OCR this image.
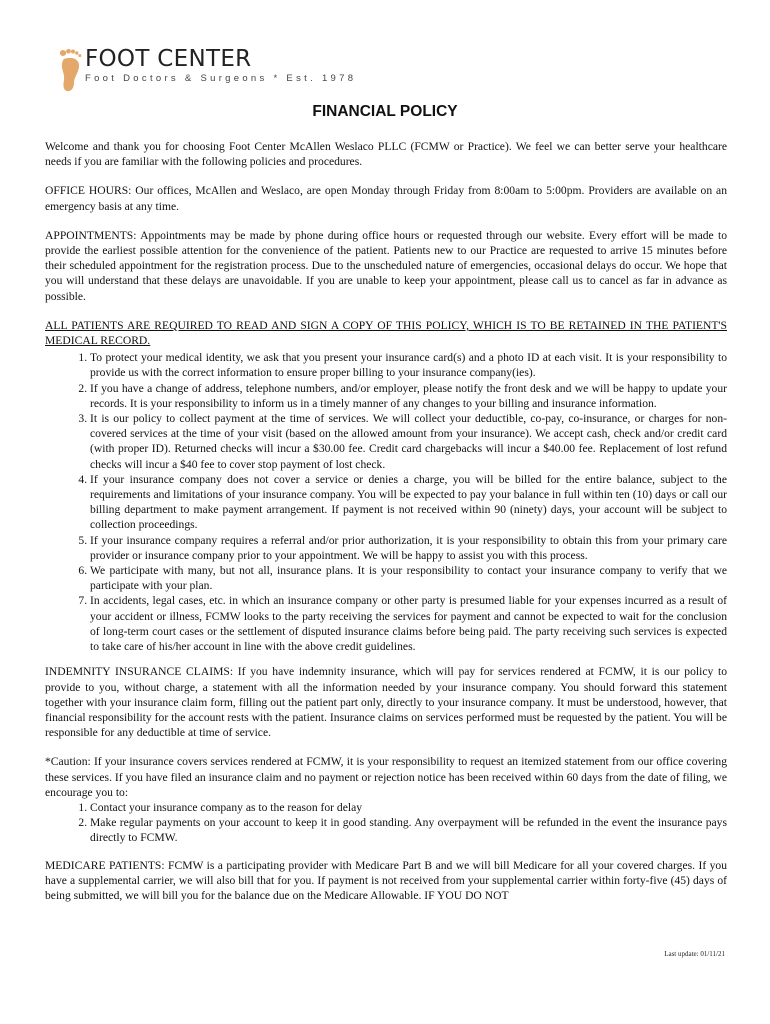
FOOT CENTER
Foot Doctors & Surgeons * Est. 1978
FINANCIAL POLICY

Welcome and thank you for choosing Foot Center McAllen Weslaco PLLC (FCMW or Practice). We feel we can better serve your healthcare needs if you are familiar with the following policies and procedures.

OFFICE HOURS: Our offices, McAllen and Weslaco, are open Monday through Friday from 8:00am to 5:00pm. Providers are available on an emergency basis at any time.

APPOINTMENTS: Appointments may be made by phone during office hours or requested through our website. Every effort will be made to provide the earliest possible attention for the convenience of the patient. Patients new to our Practice are requested to arrive 15 minutes before their scheduled appointment for the registration process. Due to the unscheduled nature of emergencies, occasional delays do occur. We hope that you will understand that these delays are unavoidable. If you are unable to keep your appointment, please call us to cancel as far in advance as possible.

ALL PATIENTS ARE REQUIRED TO READ AND SIGN A COPY OF THIS POLICY, WHICH IS TO BE RETAINED IN THE PATIENT'S MEDICAL RECORD.

1. To protect your medical identity, we ask that you present your insurance card(s) and a photo ID at each visit. It is your responsibility to provide us with the correct information to ensure proper billing to your insurance company(ies).
2. If you have a change of address, telephone numbers, and/or employer, please notify the front desk and we will be happy to update your records. It is your responsibility to inform us in a timely manner of any changes to your billing and insurance information.
3. It is our policy to collect payment at the time of services. We will collect your deductible, co-pay, co-insurance, or charges for non-covered services at the time of your visit (based on the allowed amount from your insurance). We accept cash, check and/or credit card (with proper ID). Returned checks will incur a $30.00 fee. Credit card chargebacks will incur a $40.00 fee. Replacement of lost refund checks will incur a $40 fee to cover stop payment of lost check.
4. If your insurance company does not cover a service or denies a charge, you will be billed for the entire balance, subject to the requirements and limitations of your insurance company. You will be expected to pay your balance in full within ten (10) days or call our billing department to make payment arrangement. If payment is not received within 90 (ninety) days, your account will be subject to collection proceedings.
5. If your insurance company requires a referral and/or prior authorization, it is your responsibility to obtain this from your primary care provider or insurance company prior to your appointment. We will be happy to assist you with this process.
6. We participate with many, but not all, insurance plans. It is your responsibility to contact your insurance company to verify that we participate with your plan.
7. In accidents, legal cases, etc. in which an insurance company or other party is presumed liable for your expenses incurred as a result of your accident or illness, FCMW looks to the party receiving the services for payment and cannot be expected to wait for the conclusion of long-term court cases or the settlement of disputed insurance claims before being paid. The party receiving such services is expected to take care of his/her account in line with the above credit guidelines.

INDEMNITY INSURANCE CLAIMS: If you have indemnity insurance, which will pay for services rendered at FCMW, it is our policy to provide to you, without charge, a statement with all the information needed by your insurance company. You should forward this statement together with your insurance claim form, filling out the patient part only, directly to your insurance company. It must be understood, however, that financial responsibility for the account rests with the patient. Insurance claims on services performed must be requested by the patient. You will be responsible for any deductible at time of service.

*Caution: If your insurance covers services rendered at FCMW, it is your responsibility to request an itemized statement from our office covering these services. If you have filed an insurance claim and no payment or rejection notice has been received within 60 days from the date of filing, we encourage you to:

1. Contact your insurance company as to the reason for delay
2. Make regular payments on your account to keep it in good standing. Any overpayment will be refunded in the event the insurance pays directly to FCMW.

MEDICARE PATIENTS: FCMW is a participating provider with Medicare Part B and we will bill Medicare for all your covered charges. If you have a supplemental carrier, we will also bill that for you. If payment is not received from your supplemental carrier within forty-five (45) days of being submitted, we will bill you for the balance due on the Medicare Allowable. IF YOU DO NOT

Last update: 01/11/21
